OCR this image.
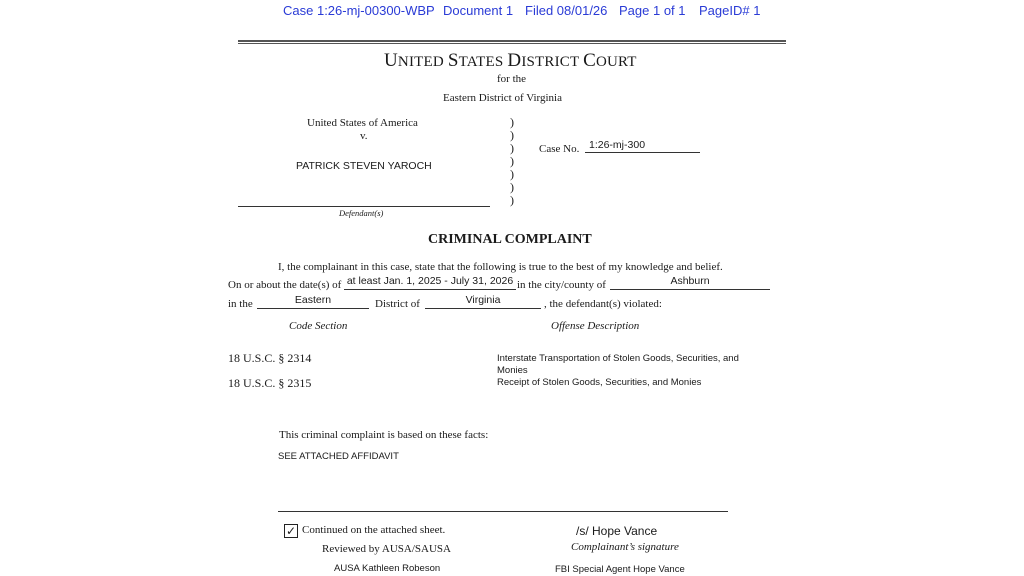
Case 1:26-mj-00300-WBP Document 1 Filed 08/01/26 Page 1 of 1 PageID# 1
UNITED STATES DISTRICT COURT
for the
Eastern District of Virginia
United States of America
v.
PATRICK STEVEN YAROCH
Defendant(s)
)
)
)
)
)
)
)
Case No. 1:26-mj-300
CRIMINAL COMPLAINT
I, the complainant in this case, state that the following is true to the best of my knowledge and belief.
On or about the date(s) of at least Jan. 1, 2025 - July 31, 2026 in the city/county of	Ashburn
in the	Eastern	District of	Virginia	, the defendant(s) violated:
Code Section	Offense Description
18 U.S.C. § 2314	Interstate Transportation of Stolen Goods, Securities, and
Monies
18 U.S.C. § 2315	Receipt of Stolen Goods, Securities, and Monies
This criminal complaint is based on these facts:
SEE ATTACHED AFFIDAVIT
✓ Continued on the attached sheet.
Reviewed by AUSA/SAUSA
AUSA Kathleen Robeson
/s/ Hope Vance
Complainant’s signature
FBI Special Agent Hope Vance
